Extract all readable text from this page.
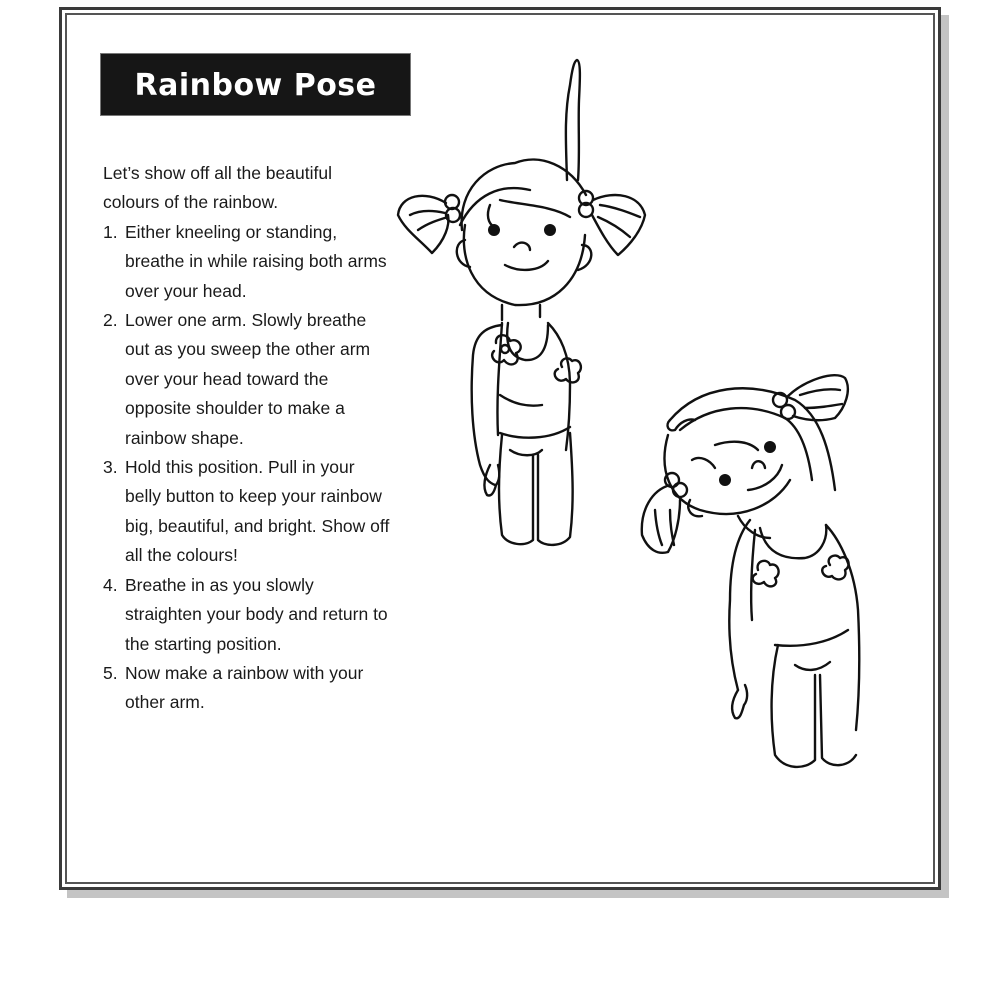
Rainbow Pose

Let’s show off all the beautiful colours of the rainbow.

1. Either kneeling or standing, breathe in while raising both arms over your head.
2. Lower one arm. Slowly breathe out as you sweep the other arm over your head toward the opposite shoulder to make a rainbow shape.
3. Hold this position. Pull in your belly button to keep your rainbow big, beautiful, and bright. Show off all the colours!
4. Breathe in as you slowly straighten your body and return to the starting position.
5. Now make a rainbow with your other arm.
